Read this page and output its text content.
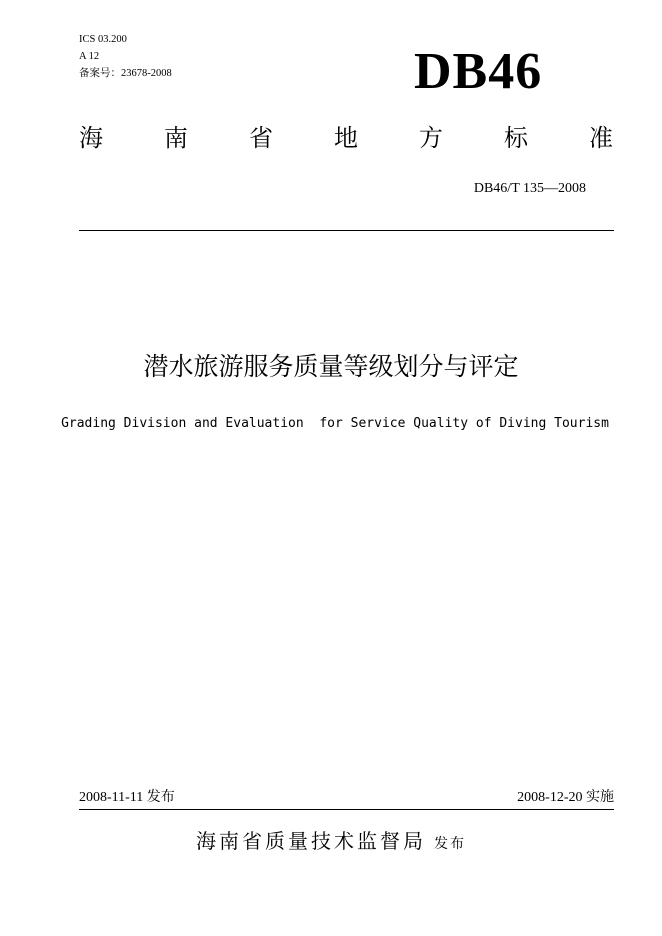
ICS 03.200
A 12
备案号：23678-2008	DB46
海	南	省	地	方	标	准
DB46/T 135—2008
潜水旅游服务质量等级划分与评定
Grading Division and Evaluation  for Service Quality of Diving Tourism
2008-11-11 发布	2008-12-20 实施
海南省质量技术监督局 发布
